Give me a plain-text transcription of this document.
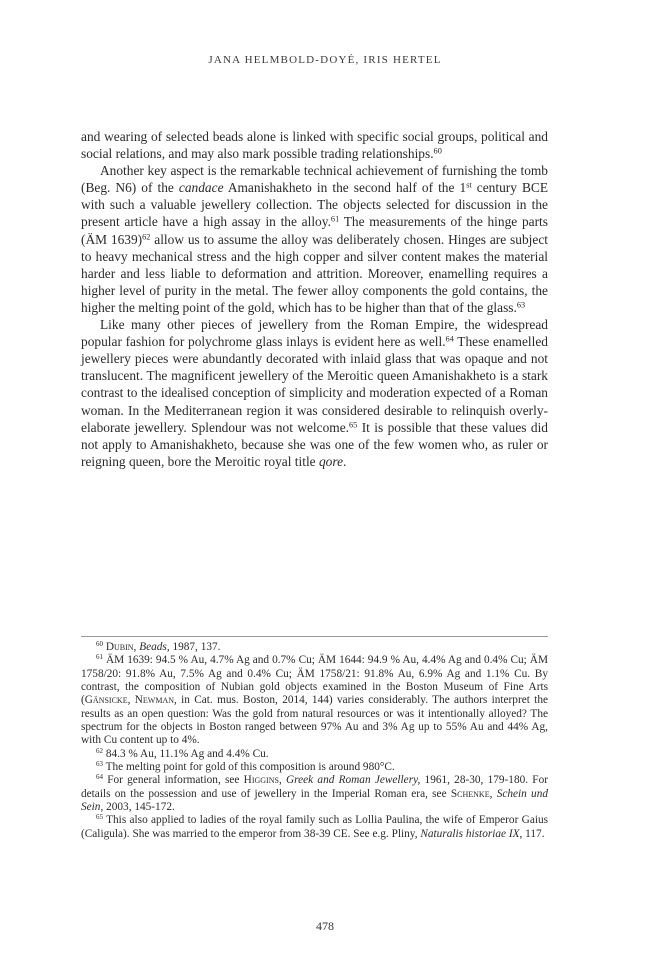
JANA HELMBOLD-DOYÉ, IRIS HERTEL

and wearing of selected beads alone is linked with specific social groups, political and social relations, and may also mark possible trading relationships.$^{60}$

Another key aspect is the remarkable technical achievement of furnishing the tomb (Beg. N6) of the candace Amanishakheto in the second half of the 1st century BCE with such a valuable jewellery collection. The objects selected for discussion in the present article have a high assay in the alloy.$^{61}$ The measurements of the hinge parts (ÄM 1639)$^{62}$ allow us to assume the alloy was deliberately chosen. Hinges are subject to heavy mechanical stress and the high copper and silver content makes the material harder and less liable to deformation and attrition. Moreover, enamelling requires a higher level of purity in the metal. The fewer alloy components the gold contains, the higher the melting point of the gold, which has to be higher than that of the glass.$^{63}$

Like many other pieces of jewellery from the Roman Empire, the widespread popular fashion for polychrome glass inlays is evident here as well.$^{64}$ These enamelled jewellery pieces were abundantly decorated with inlaid glass that was opaque and not translucent. The magnificent jewellery of the Meroitic queen Amanishakheto is a stark contrast to the idealised conception of simplicity and moderation expected of a Roman woman. In the Mediterranean region it was considered desirable to relinquish overly-elaborate jewellery. Splendour was not welcome.$^{65}$ It is possible that these values did not apply to Amanishakheto, because she was one of the few women who, as ruler or reigning queen, bore the Meroitic royal title qore.

$^{60}$ Dubin, Beads, 1987, 137.

$^{61}$ ÄM 1639: 94.5 % Au, 4.7% Ag and 0.7% Cu; ÄM 1644: 94.9 % Au, 4.4% Ag and 0.4% Cu; ÄM 1758/20: 91.8% Au, 7.5% Ag and 0.4% Cu; ÄM 1758/21: 91.8% Au, 6.9% Ag and 1.1% Cu. By contrast, the composition of Nubian gold objects examined in the Boston Museum of Fine Arts (Gänsicke, Newman, in Cat. mus. Boston, 2014, 144) varies considerably. The authors interpret the results as an open question: Was the gold from natural resources or was it intentionally alloyed? The spectrum for the objects in Boston ranged between 97% Au and 3% Ag up to 55% Au and 44% Ag, with Cu content up to 4%.

$^{62}$ 84.3 % Au, 11.1% Ag and 4.4% Cu.

$^{63}$ The melting point for gold of this composition is around 980°C.

$^{64}$ For general information, see Higgins, Greek and Roman Jewellery, 1961, 28-30, 179-180. For details on the possession and use of jewellery in the Imperial Roman era, see Schenke, Schein und Sein, 2003, 145-172.

$^{65}$ This also applied to ladies of the royal family such as Lollia Paulina, the wife of Emperor Gaius (Caligula). She was married to the emperor from 38-39 CE. See e.g. Pliny, Naturalis historiae IX, 117.

478
